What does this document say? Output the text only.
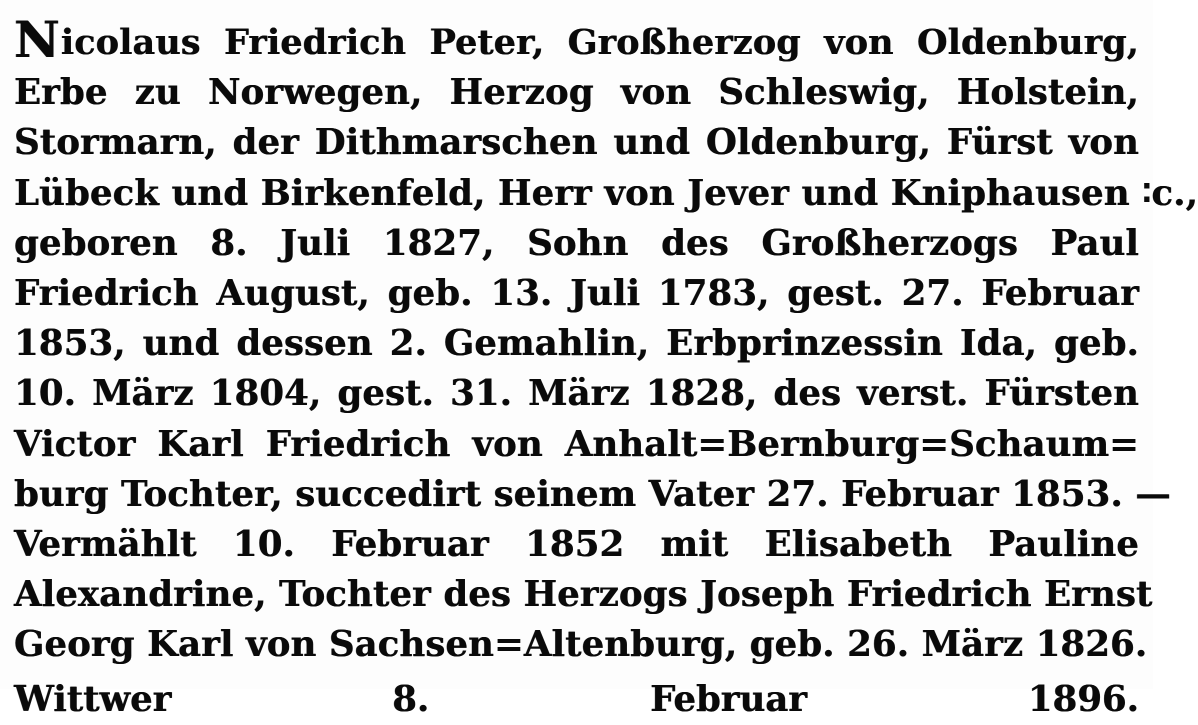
Nicolaus Friedrich Peter, Großherzog von Oldenburg,
Erbe zu Norwegen, Herzog von Schleswig, Holstein,
Stormarn, der Dithmarschen und Oldenburg, Fürst von
Lübeck und Birkenfeld, Herr von Jever und Kniphausen ∶c.,
geboren 8. Juli 1827, Sohn des Großherzogs Paul
Friedrich August, geb. 13. Juli 1783, gest. 27. Februar
1853, und dessen 2. Gemahlin, Erbprinzessin Ida, geb.
10. März 1804, gest. 31. März 1828, des verst. Fürsten
Victor Karl Friedrich von Anhalt=Bernburg=Schaum=
burg Tochter, succedirt seinem Vater 27. Februar 1853. —
Vermählt 10. Februar 1852 mit Elisabeth Pauline
Alexandrine, Tochter des Herzogs Joseph Friedrich Ernst
Georg Karl von Sachsen=Altenburg, geb. 26. März 1826.

Wittwer 8. Februar 1896.
